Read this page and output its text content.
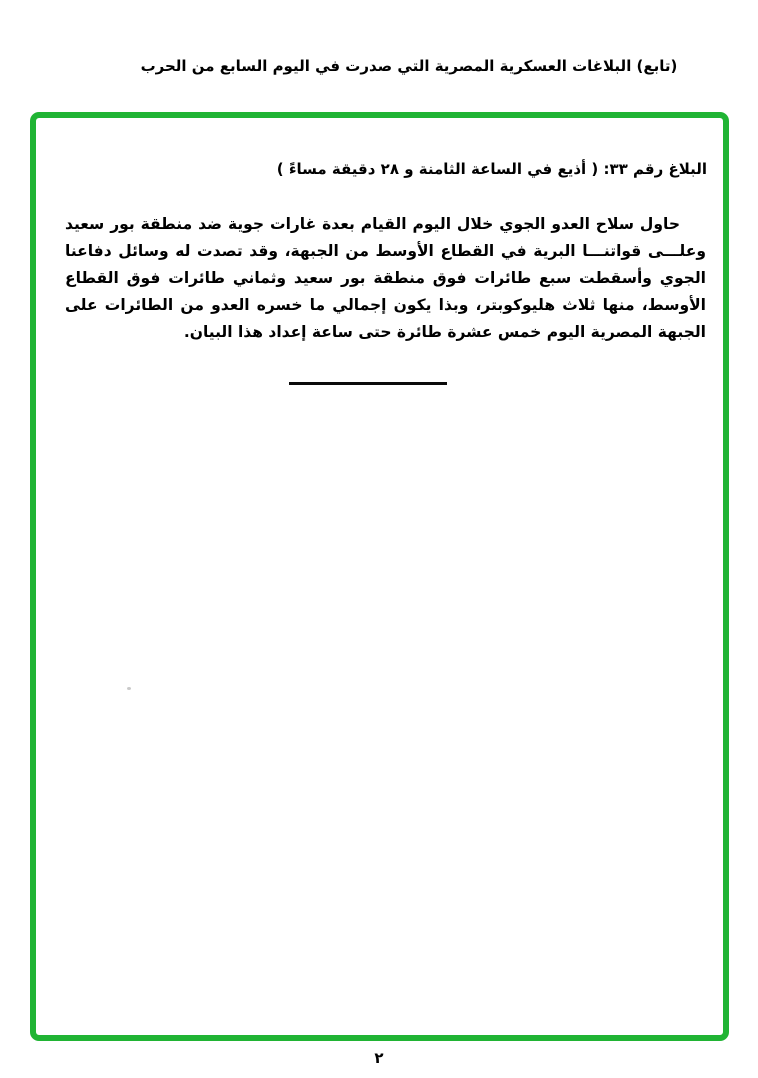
(تابع) البلاغات العسكرية المصرية التي صدرت في اليوم السابع من الحرب
البلاغ رقم ٣٣: ( أذيع في الساعة الثامنة و ٢٨ دقيقة مساءً )

حاول سلاح العدو الجوي خلال اليوم القيام بعدة غارات جوية ضد منطقة بور سعيد وعلـــى قواتنـــا البرية في القطاع الأوسط من الجبهة، وقد تصدت له وسائل دفاعنا الجوي وأسقطت سبع طائرات فوق منطقة بور سعيد وثماني طائرات فوق القطاع الأوسط، منها ثلاث هليوكوبتر، وبذا يكون إجمالي ما خسره العدو من الطائرات على الجبهة المصرية اليوم خمس عشرة طائرة حتى ساعة إعداد هذا البيان.

٢
